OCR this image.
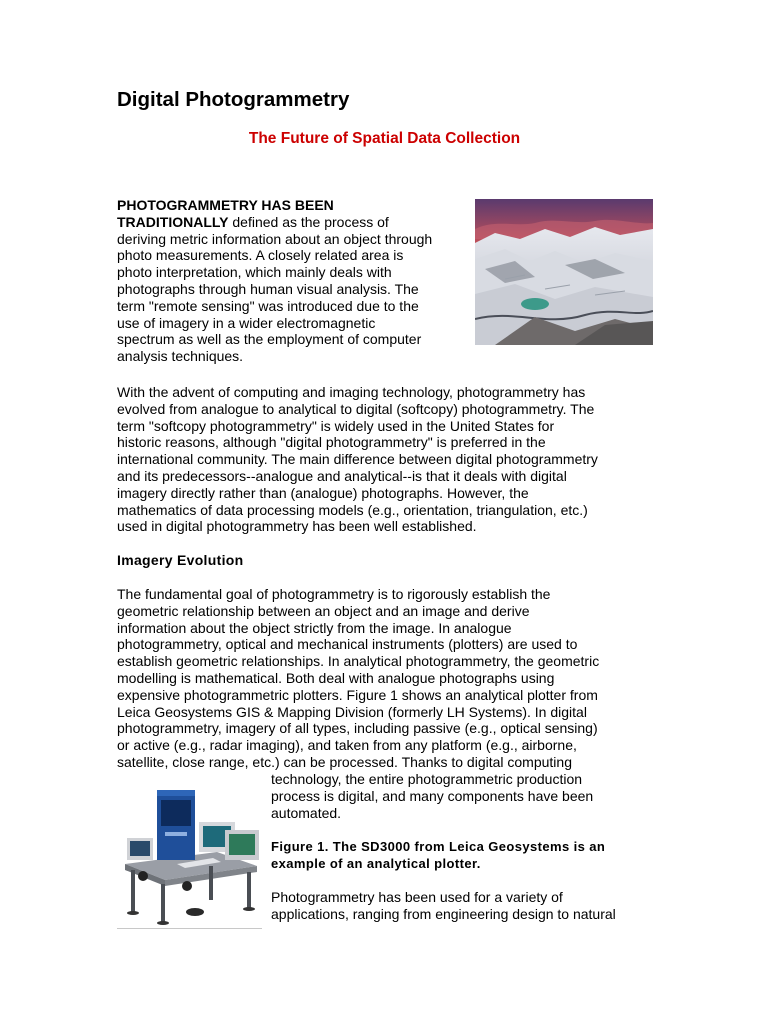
Digital Photogrammetry
The Future of Spatial Data Collection

PHOTOGRAMMETRY HAS BEEN
TRADITIONALLY defined as the process of
deriving metric information about an object through
photo measurements. A closely related area is
photo interpretation, which mainly deals with
photographs through human visual analysis. The
term "remote sensing" was introduced due to the
use of imagery in a wider electromagnetic
spectrum as well as the employment of computer
analysis techniques.

With the advent of computing and imaging technology, photogrammetry has
evolved from analogue to analytical to digital (softcopy) photogrammetry. The
term "softcopy photogrammetry" is widely used in the United States for
historic reasons, although "digital photogrammetry" is preferred in the
international community. The main difference between digital photogrammetry
and its predecessors--analogue and analytical--is that it deals with digital
imagery directly rather than (analogue) photographs. However, the
mathematics of data processing models (e.g., orientation, triangulation, etc.)
used in digital photogrammetry has been well established.

Imagery Evolution

The fundamental goal of photogrammetry is to rigorously establish the
geometric relationship between an object and an image and derive
information about the object strictly from the image. In analogue
photogrammetry, optical and mechanical instruments (plotters) are used to
establish geometric relationships. In analytical photogrammetry, the geometric
modelling is mathematical. Both deal with analogue photographs using
expensive photogrammetric plotters. Figure 1 shows an analytical plotter from
Leica Geosystems GIS & Mapping Division (formerly LH Systems). In digital
photogrammetry, imagery of all types, including passive (e.g., optical sensing)
or active (e.g., radar imaging), and taken from any platform (e.g., airborne,
satellite, close range, etc.) can be processed. Thanks to digital computing

technology, the entire photogrammetric production
process is digital, and many components have been
automated.

Figure 1. The SD3000 from Leica Geosystems is an
example of an analytical plotter.

Photogrammetry has been used for a variety of
applications, ranging from engineering design to natural
